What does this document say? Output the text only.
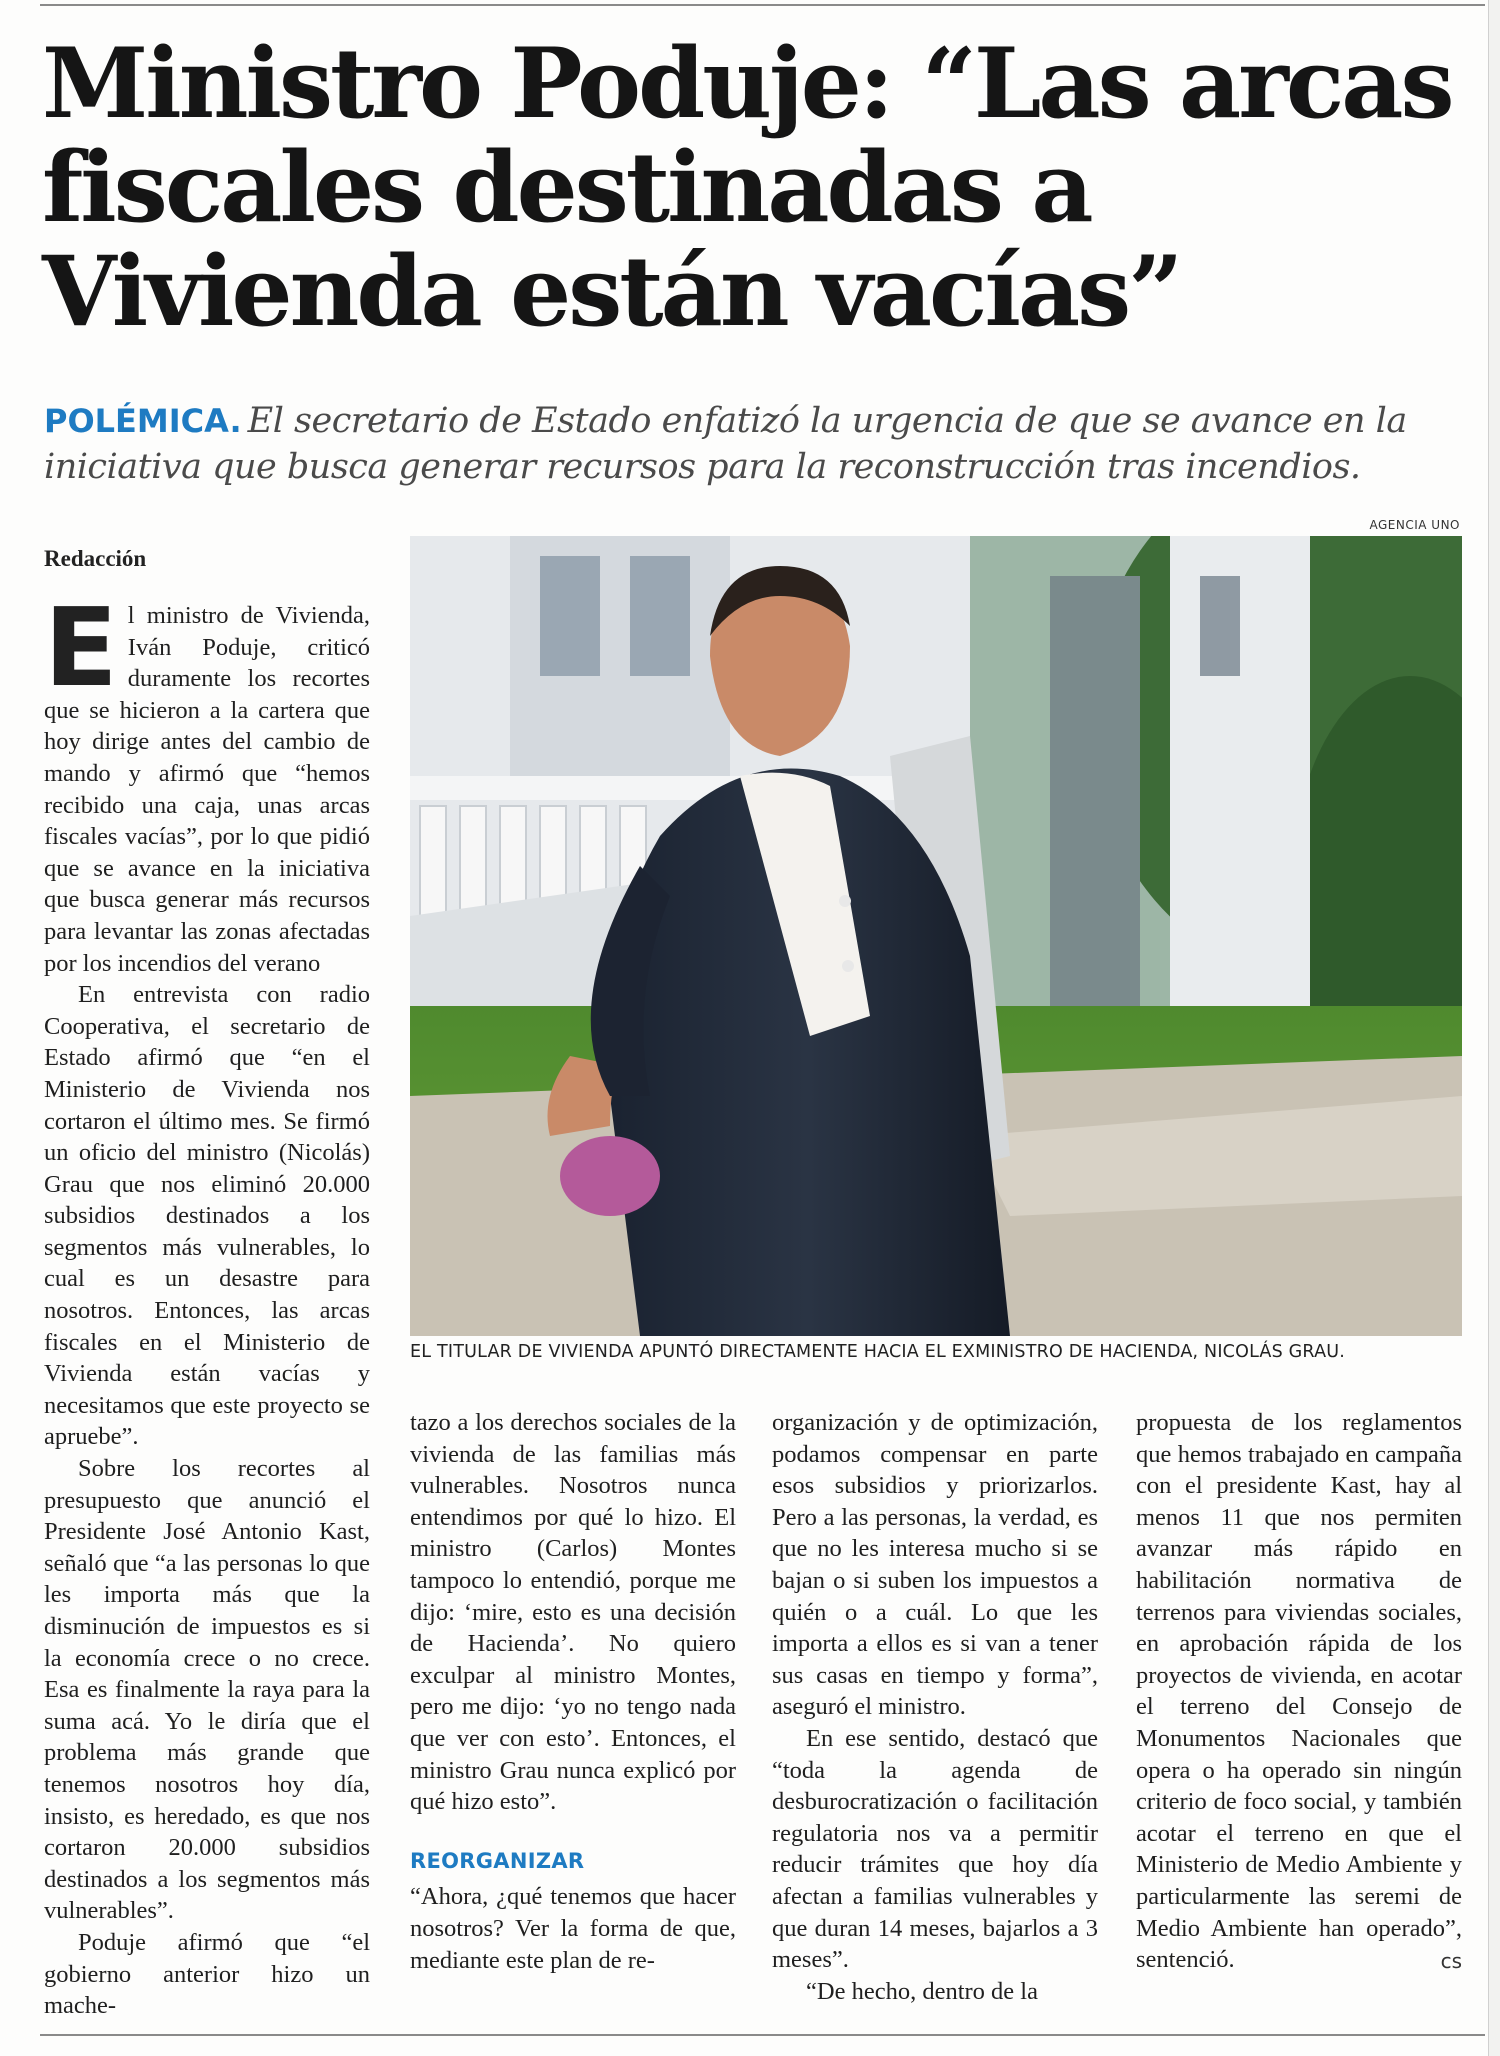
Ministro Poduje: “Las arcas fiscales destinadas a Vivienda están vacías”
POLÉMICA. El secretario de Estado enfatizó la urgencia de que se avance en la iniciativa que busca generar recursos para la reconstrucción tras incendios.
AGENCIA UNO
Redacción
EL TITULAR DE VIVIENDA APUNTÓ DIRECTAMENTE HACIA EL EXMINISTRO DE HACIENDA, NICOLÁS GRAU.
E l ministro de Vivienda, Iván Poduje, criticó duramente los recortes que se hicieron a la cartera que hoy dirige antes del cambio de mando y afirmó que “hemos recibido una caja, unas arcas fiscales vacías”, por lo que pidió que se avance en la iniciativa que busca generar más recursos para levantar las zonas afectadas por los incendios del verano

En entrevista con radio Cooperativa, el secretario de Estado afirmó que “en el Ministerio de Vivienda nos cortaron el último mes. Se firmó un oficio del ministro (Nicolás) Grau que nos eliminó 20.000 subsidios destinados a los segmentos más vulnerables, lo cual es un desastre para nosotros. Entonces, las arcas fiscales en el Ministerio de Vivienda están vacías y necesitamos que este proyecto se apruebe”.

Sobre los recortes al presupuesto que anunció el Presidente José Antonio Kast, señaló que “a las personas lo que les importa más que la disminución de impuestos es si la economía crece o no crece. Esa es finalmente la raya para la suma acá. Yo le diría que el problema más grande que tenemos nosotros hoy día, insisto, es heredado, es que nos cortaron 20.000 subsidios destinados a los segmentos más vulnerables”.

Poduje afirmó que “el gobierno anterior hizo un mache-

tazo a los derechos sociales de la vivienda de las familias más vulnerables. Nosotros nunca entendimos por qué lo hizo. El ministro (Carlos) Montes tampoco lo entendió, porque me dijo: ‘mire, esto es una decisión de Hacienda’. No quiero exculpar al ministro Montes, pero me dijo: ‘yo no tengo nada que ver con esto’. Entonces, el ministro Grau nunca explicó por qué hizo esto”.

REORGANIZAR

“Ahora, ¿qué tenemos que hacer nosotros? Ver la forma de que, mediante este plan de re-

organización y de optimización, podamos compensar en parte esos subsidios y priorizarlos. Pero a las personas, la verdad, es que no les interesa mucho si se bajan o si suben los impuestos a quién o a cuál. Lo que les importa a ellos es si van a tener sus casas en tiempo y forma”, aseguró el ministro.

En ese sentido, destacó que “toda la agenda de desburocratización o facilitación regulatoria nos va a permitir reducir trámites que hoy día afectan a familias vulnerables y que duran 14 meses, bajarlos a 3 meses”.

“De hecho, dentro de la

propuesta de los reglamentos que hemos trabajado en campaña con el presidente Kast, hay al menos 11 que nos permiten avanzar más rápido en habilitación normativa de terrenos para viviendas sociales, en aprobación rápida de los proyectos de vivienda, en acotar el terreno del Consejo de Monumentos Nacionales que opera o ha operado sin ningún criterio de foco social, y también acotar el terreno en que el Ministerio de Medio Ambiente y particularmente las seremi de Medio Ambiente han operado”, sentenció.	cs
